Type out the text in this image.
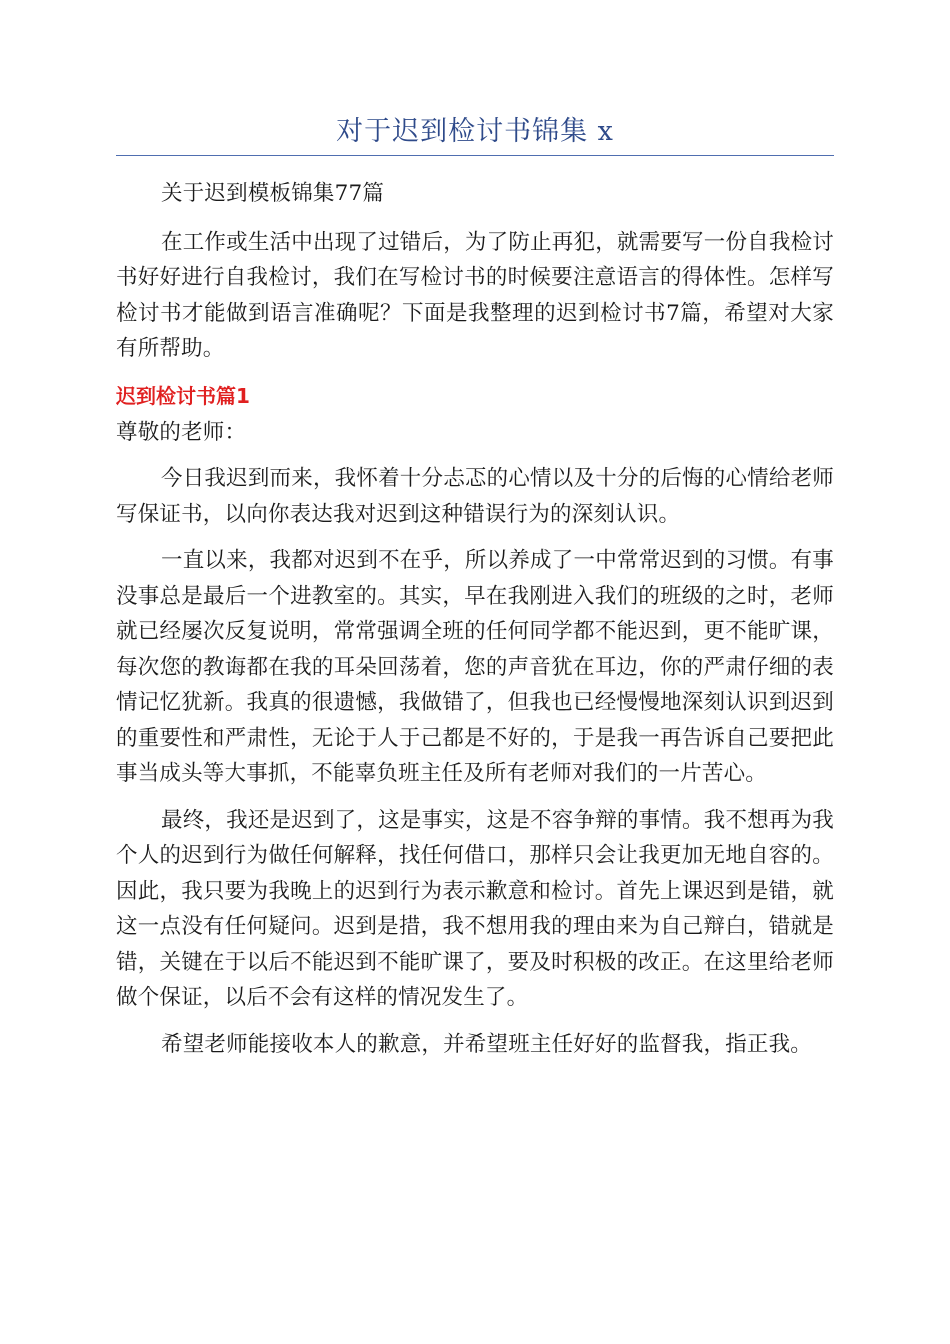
对于迟到检讨书锦集 x

关于迟到模板锦集77篇

在工作或生活中出现了过错后，为了防止再犯，就需要写一份自我检讨书好好进行自我检讨，我们在写检讨书的时候要注意语言的得体性。怎样写检讨书才能做到语言准确呢？下面是我整理的迟到检讨书7篇，希望对大家有所帮助。

迟到检讨书篇1

尊敬的老师：

今日我迟到而来，我怀着十分忐忑的心情以及十分的后悔的心情给老师写保证书，以向你表达我对迟到这种错误行为的深刻认识。

一直以来，我都对迟到不在乎，所以养成了一中常常迟到的习惯。有事没事总是最后一个进教室的。其实，早在我刚进入我们的班级的之时，老师就已经屡次反复说明，常常强调全班的任何同学都不能迟到，更不能旷课，每次您的教诲都在我的耳朵回荡着，您的声音犹在耳边，你的严肃仔细的表情记忆犹新。我真的很遗憾，我做错了，但我也已经慢慢地深刻认识到迟到的重要性和严肃性，无论于人于己都是不好的，于是我一再告诉自己要把此事当成头等大事抓，不能辜负班主任及所有老师对我们的一片苦心。

最终，我还是迟到了，这是事实，这是不容争辩的事情。我不想再为我个人的迟到行为做任何解释，找任何借口，那样只会让我更加无地自容的。因此，我只要为我晚上的迟到行为表示歉意和检讨。首先上课迟到是错，就这一点没有任何疑问。迟到是措，我不想用我的理由来为自己辩白，错就是错，关键在于以后不能迟到不能旷课了，要及时积极的改正。在这里给老师做个保证，以后不会有这样的情况发生了。

希望老师能接收本人的歉意，并希望班主任好好的监督我，指正我。
